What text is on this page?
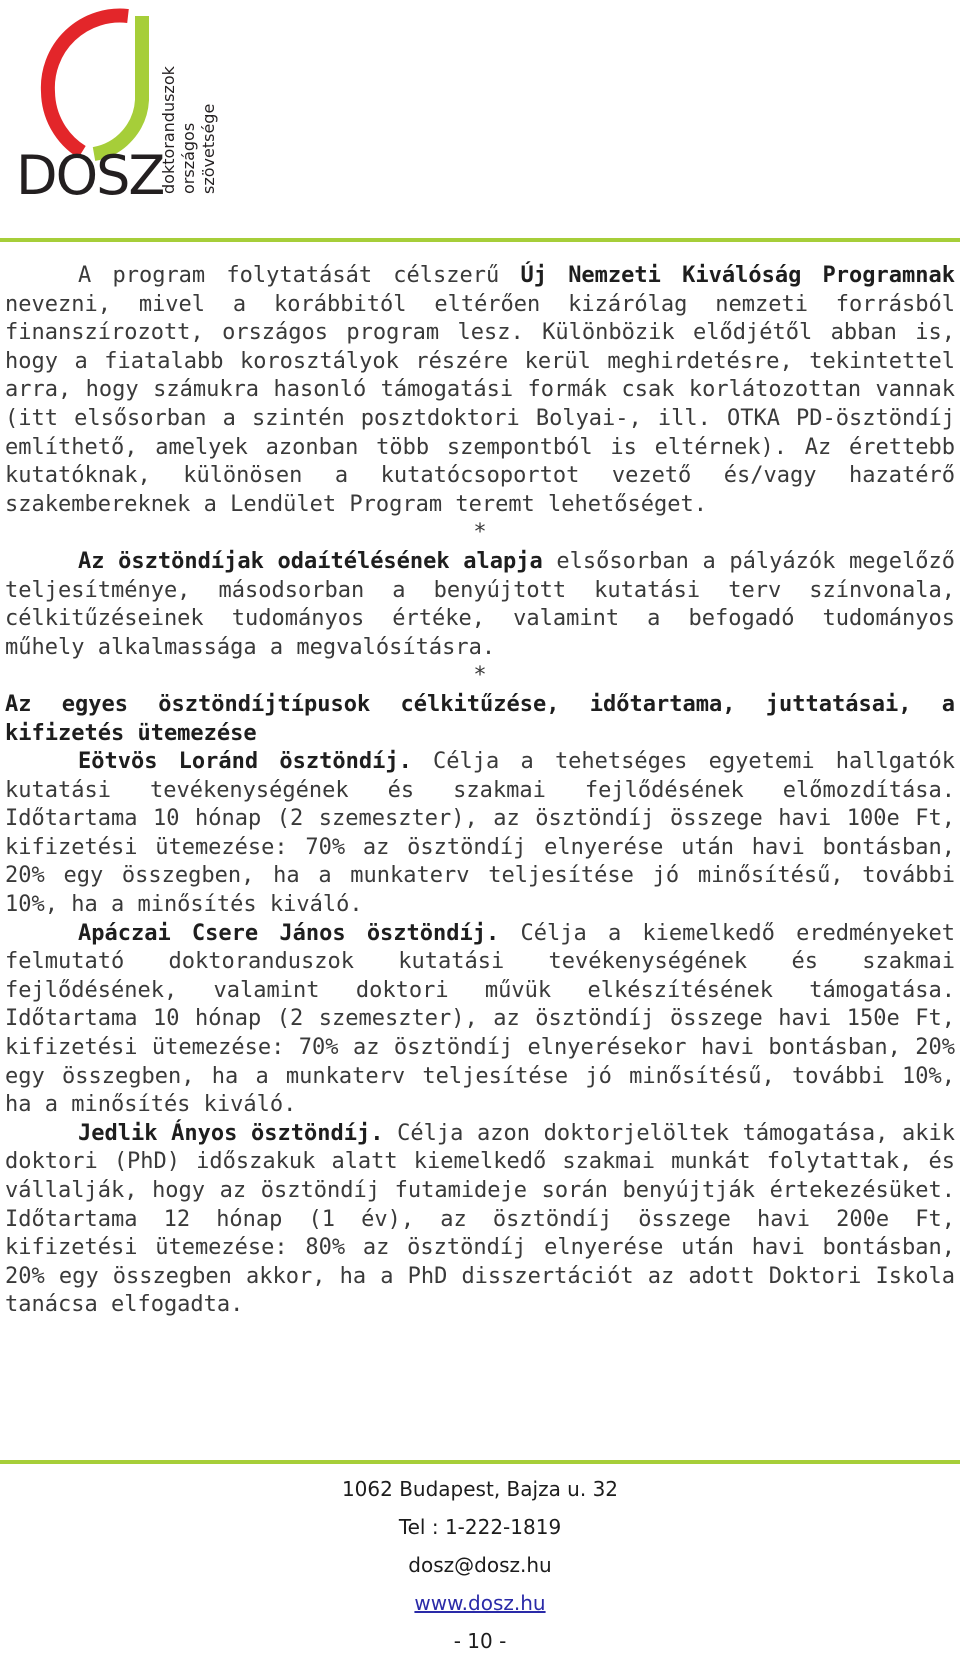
DOSZ
doktoranduszok országos szövetsége

A program folytatását célszerű Új Nemzeti Kiválóság Programnak nevezni, mivel a korábbitól eltérően kizárólag nemzeti forrásból finanszírozott, országos program lesz. Különbözik elődjétől abban is, hogy a fiatalabb korosztályok részére kerül meghirdetésre, tekintettel arra, hogy számukra hasonló támogatási formák csak korlátozottan vannak (itt elsősorban a szintén posztdoktori Bolyai-, ill. OTKA PD-ösztöndíj említhető, amelyek azonban több szempontból is eltérnek). Az érettebb kutatóknak, különösen a kutatócsoportot vezető és/vagy hazatérő szakembereknek a Lendület Program teremt lehetőséget.

*

Az ösztöndíjak odaítélésének alapja elsősorban a pályázók megelőző teljesítménye, másodsorban a benyújtott kutatási terv színvonala, célkitűzéseinek tudományos értéke, valamint a befogadó tudományos műhely alkalmassága a megvalósításra.

*

Az egyes ösztöndíjtípusok célkitűzése, időtartama, juttatásai, a kifizetés ütemezése

Eötvös Loránd ösztöndíj. Célja a tehetséges egyetemi hallgatók kutatási tevékenységének és szakmai fejlődésének előmozdítása. Időtartama 10 hónap (2 szemeszter), az ösztöndíj összege havi 100e Ft, kifizetési ütemezése: 70% az ösztöndíj elnyerése után havi bontásban, 20% egy összegben, ha a munkaterv teljesítése jó minősítésű, további 10%, ha a minősítés kiváló.

Apáczai Csere János ösztöndíj. Célja a kiemelkedő eredményeket felmutató doktoranduszok kutatási tevékenységének és szakmai fejlődésének, valamint doktori művük elkészítésének támogatása. Időtartama 10 hónap (2 szemeszter), az ösztöndíj összege havi 150e Ft, kifizetési ütemezése: 70% az ösztöndíj elnyerésekor havi bontásban, 20% egy összegben, ha a munkaterv teljesítése jó minősítésű, további 10%, ha a minősítés kiváló.

Jedlik Ányos ösztöndíj. Célja azon doktorjelöltek támogatása, akik doktori (PhD) időszakuk alatt kiemelkedő szakmai munkát folytattak, és vállalják, hogy az ösztöndíj futamideje során benyújtják értekezésüket. Időtartama 12 hónap (1 év), az ösztöndíj összege havi 200e Ft, kifizetési ütemezése: 80% az ösztöndíj elnyerése után havi bontásban, 20% egy összegben akkor, ha a PhD disszertációt az adott Doktori Iskola tanácsa elfogadta.

1062 Budapest, Bajza u. 32
Tel : 1-222-1819
dosz@dosz.hu
www.dosz.hu
- 10 -
